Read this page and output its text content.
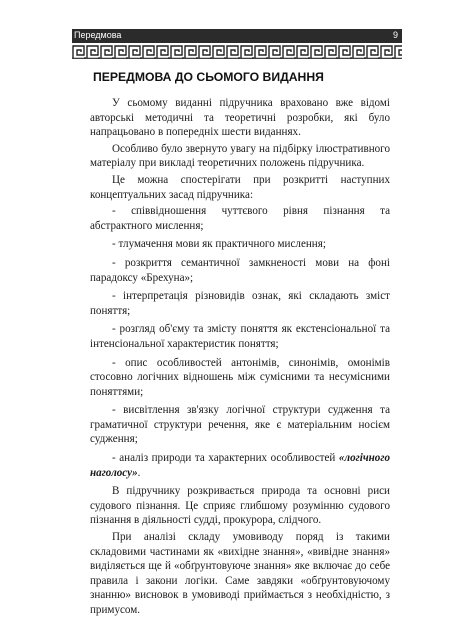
Передмова	9
ПЕРЕДМОВА ДО СЬОМОГО ВИДАННЯ

У сьомому виданні підручника враховано вже відомі авторські методичні та теоретичні розробки, які було напрацьовано в попередніх шести виданнях.

Особливо було звернуто увагу на підбірку ілюстративного матеріалу при викладі теоретичних положень підручника.

Це можна спостерігати при розкритті наступних концептуальних засад підручника:

- співвідношення чуттєвого рівня пізнання та абстрактного мислення;

- тлумачення мови як практичного мислення;

- розкриття семантичної замкненості мови на фоні парадоксу «Брехуна»;

- інтерпретація різновидів ознак, які складають зміст поняття;

- розгляд об'єму та змісту поняття як екстенсіональної та інтенсіональної характеристик поняття;

- опис особливостей антонімів, синонімів, омонімів стосовно логічних відношень між сумісними та несумісними поняттями;

- висвітлення зв'язку логічної структури судження та граматичної структури речення, яке є матеріальним носієм судження;

- аналіз природи та характерних особливостей «логічного наголосу».

В підручнику розкривається природа та основні риси судового пізнання. Це сприяє глибшому розумінню судового пізнання в діяльності судді, прокурора, слідчого.

При аналізі складу умовиводу поряд із такими складовими частинами як «вихідне знання», «вивідне знання» виділяється ще й «обґрунтовуюче знання» яке включає до себе правила і закони логіки. Саме завдяки «обґрунтовуючому знанню» висновок в умовиводі приймається з необхідністю, з примусом.
